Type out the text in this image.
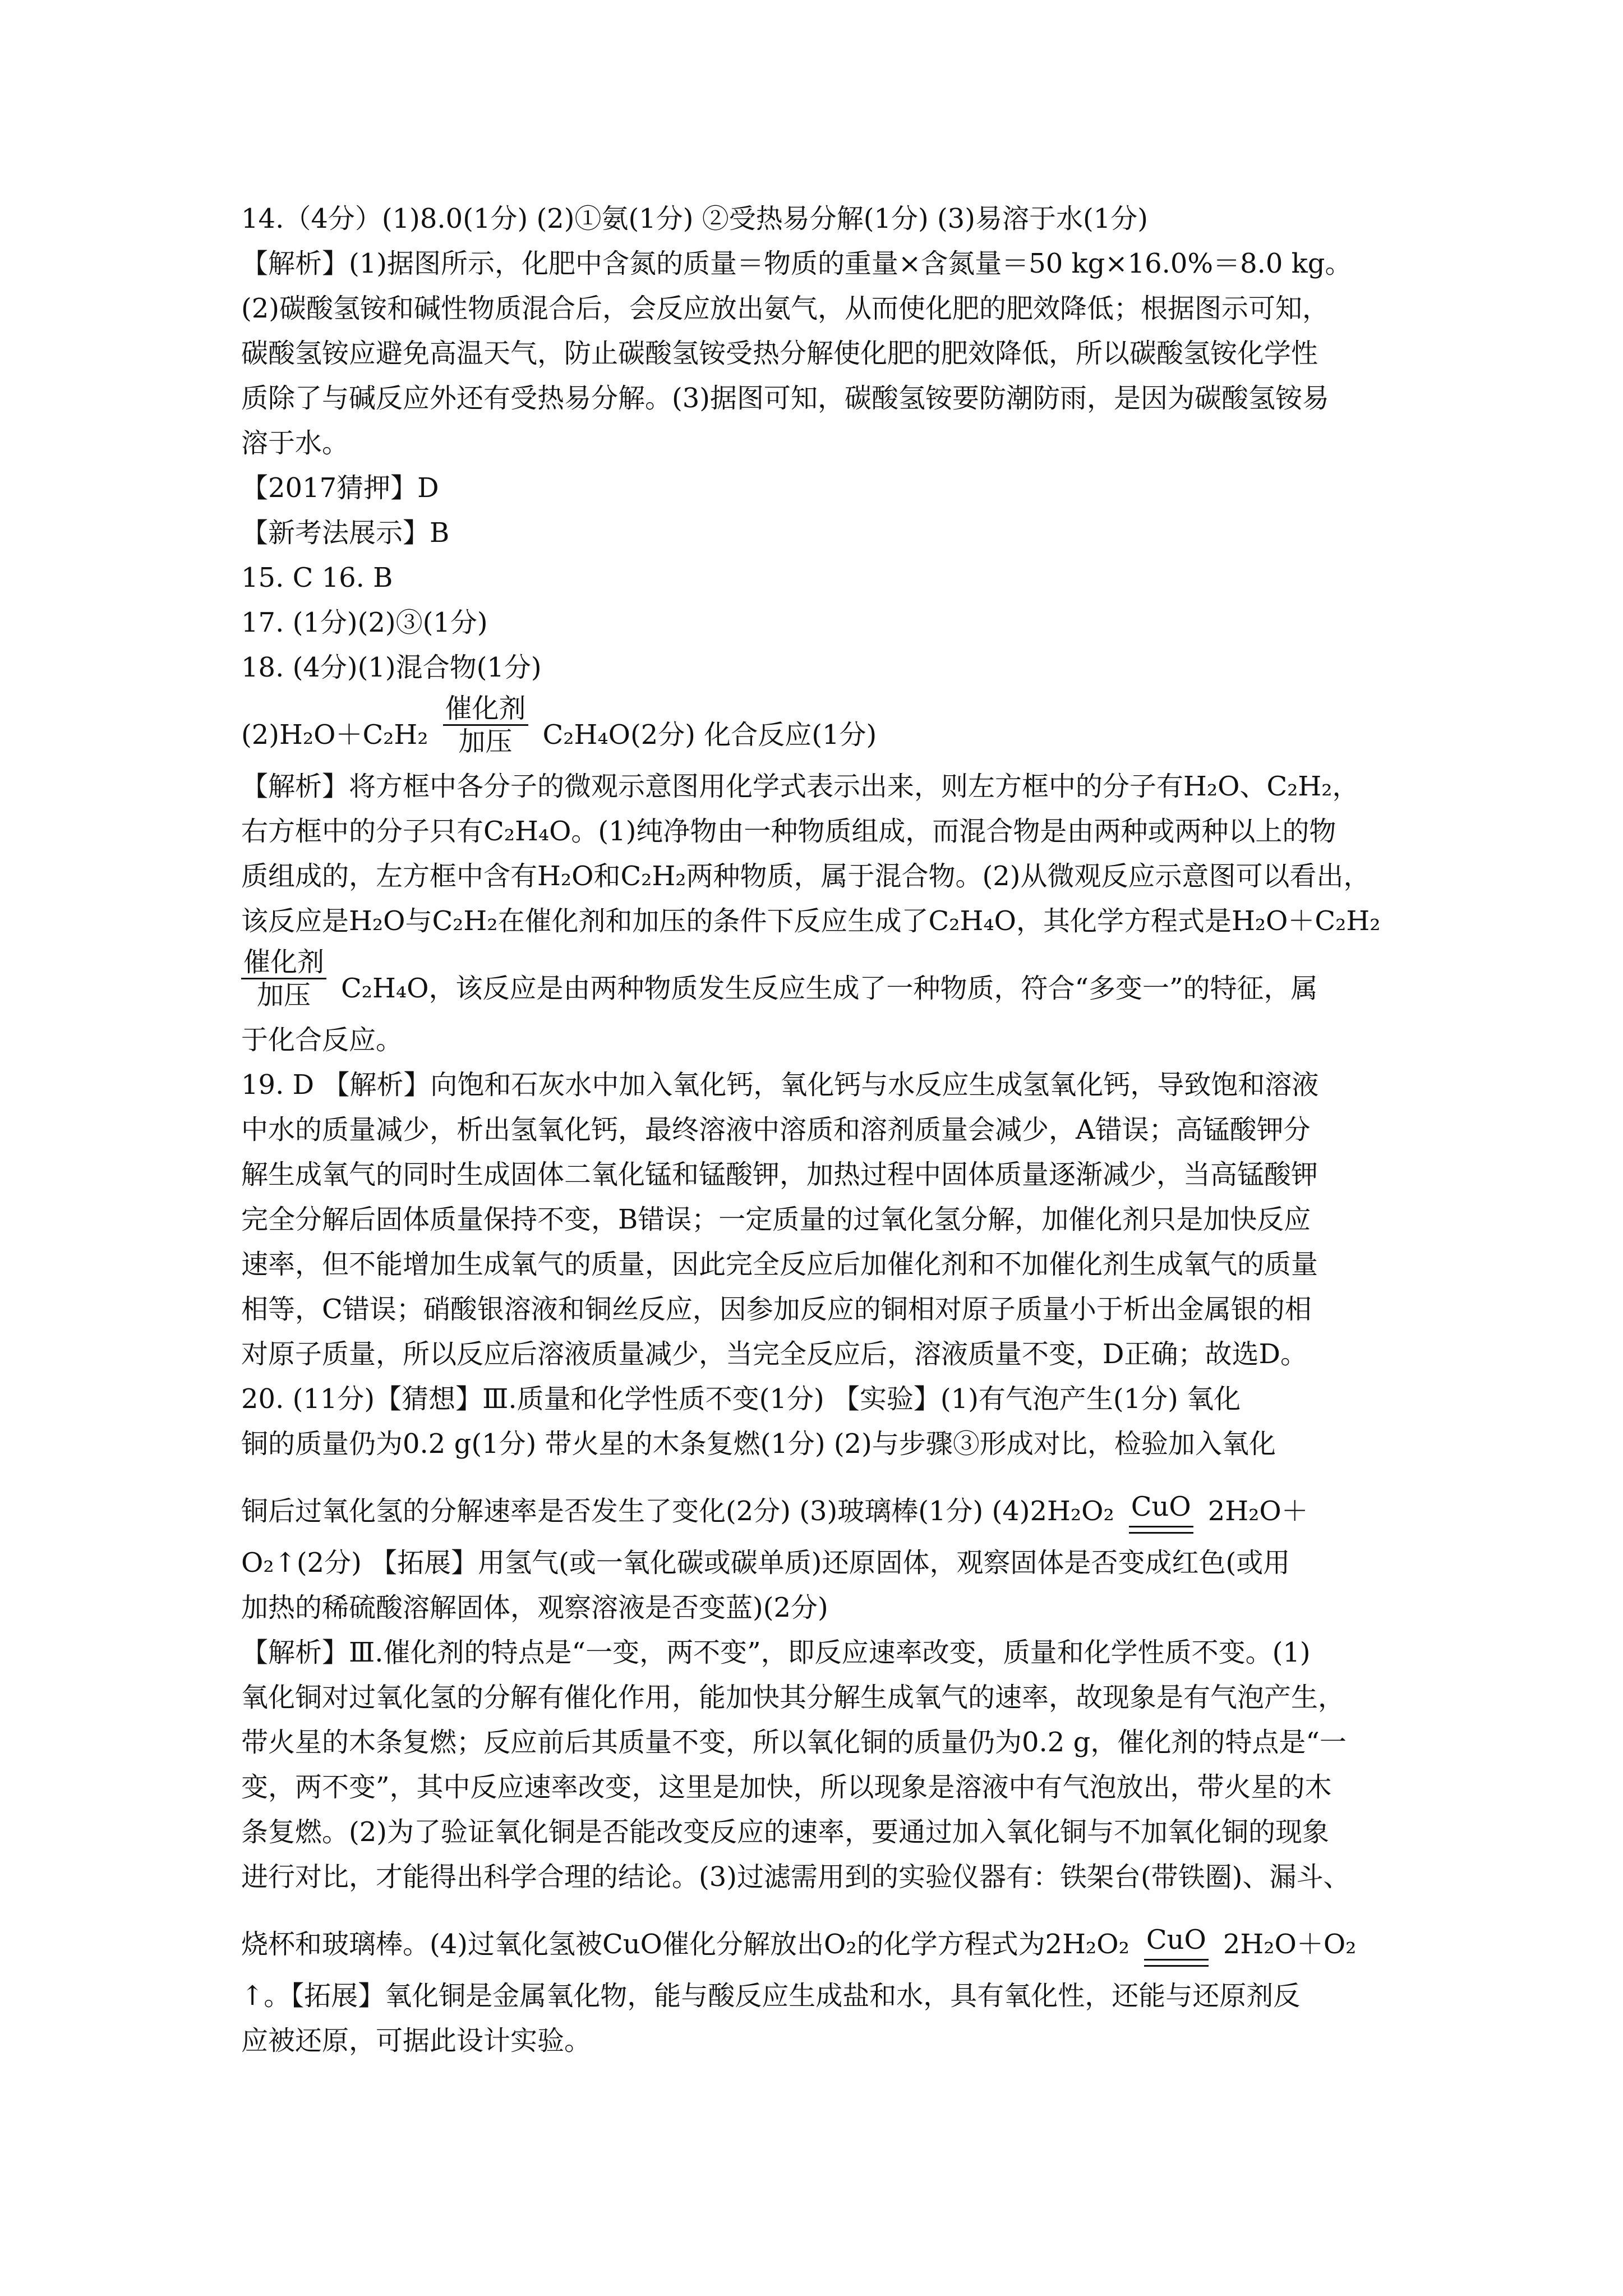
14.（4分）(1)8.0(1分) (2)①氨(1分) ②受热易分解(1分) (3)易溶于水(1分)
【解析】(1)据图所示，化肥中含氮的质量＝物质的重量×含氮量＝50 kg×16.0%＝8.0 kg。
(2)碳酸氢铵和碱性物质混合后，会反应放出氨气，从而使化肥的肥效降低；根据图示可知，
碳酸氢铵应避免高温天气，防止碳酸氢铵受热分解使化肥的肥效降低，所以碳酸氢铵化学性
质除了与碱反应外还有受热易分解。(3)据图可知，碳酸氢铵要防潮防雨，是因为碳酸氢铵易
溶于水。
【2017猜押】D
【新考法展示】B
15. C 16. B
17. (1分)(2)③(1分)
18. (4分)(1)混合物(1分)
(2)H₂O＋C₂H₂
催化剂
加压 C₂H₄O(2分) 化合反应(1分)
【解析】将方框中各分子的微观示意图用化学式表示出来，则左方框中的分子有H₂O、C₂H₂，
右方框中的分子只有C₂H₄O。(1)纯净物由一种物质组成，而混合物是由两种或两种以上的物
质组成的，左方框中含有H₂O和C₂H₂两种物质，属于混合物。(2)从微观反应示意图可以看出，
该反应是H₂O与C₂H₂在催化剂和加压的条件下反应生成了C₂H₄O，其化学方程式是H₂O＋C₂H₂
催化剂
加压 C₂H₄O，该反应是由两种物质发生反应生成了一种物质，符合“多变一”的特征，属
于化合反应。
19. D 【解析】向饱和石灰水中加入氧化钙，氧化钙与水反应生成氢氧化钙，导致饱和溶液
中水的质量减少，析出氢氧化钙，最终溶液中溶质和溶剂质量会减少，A错误；高锰酸钾分
解生成氧气的同时生成固体二氧化锰和锰酸钾，加热过程中固体质量逐渐减少，当高锰酸钾
完全分解后固体质量保持不变，B错误；一定质量的过氧化氢分解，加催化剂只是加快反应
速率，但不能增加生成氧气的质量，因此完全反应后加催化剂和不加催化剂生成氧气的质量
相等，C错误；硝酸银溶液和铜丝反应，因参加反应的铜相对原子质量小于析出金属银的相
对原子质量，所以反应后溶液质量减少，当完全反应后，溶液质量不变，D正确；故选D。
20. (11分)【猜想】Ⅲ.质量和化学性质不变(1分) 【实验】(1)有气泡产生(1分) 氧化
铜的质量仍为0.2 g(1分) 带火星的木条复燃(1分) (2)与步骤③形成对比，检验加入氧化
铜后过氧化氢的分解速率是否发生了变化(2分) (3)玻璃棒(1分) (4)2H₂O₂ CuO 2H₂O＋
O₂↑(2分) 【拓展】用氢气(或一氧化碳或碳单质)还原固体，观察固体是否变成红色(或用
加热的稀硫酸溶解固体，观察溶液是否变蓝)(2分)
【解析】Ⅲ.催化剂的特点是“一变，两不变”，即反应速率改变，质量和化学性质不变。(1)
氧化铜对过氧化氢的分解有催化作用，能加快其分解生成氧气的速率，故现象是有气泡产生，
带火星的木条复燃；反应前后其质量不变，所以氧化铜的质量仍为0.2 g，催化剂的特点是“一
变，两不变”，其中反应速率改变，这里是加快，所以现象是溶液中有气泡放出，带火星的木
条复燃。(2)为了验证氧化铜是否能改变反应的速率，要通过加入氧化铜与不加氧化铜的现象
进行对比，才能得出科学合理的结论。(3)过滤需用到的实验仪器有：铁架台(带铁圈)、漏斗、
烧杯和玻璃棒。(4)过氧化氢被CuO催化分解放出O₂的化学方程式为2H₂O₂ CuO 2H₂O＋O₂
↑。【拓展】氧化铜是金属氧化物，能与酸反应生成盐和水，具有氧化性，还能与还原剂反
应被还原，可据此设计实验。
